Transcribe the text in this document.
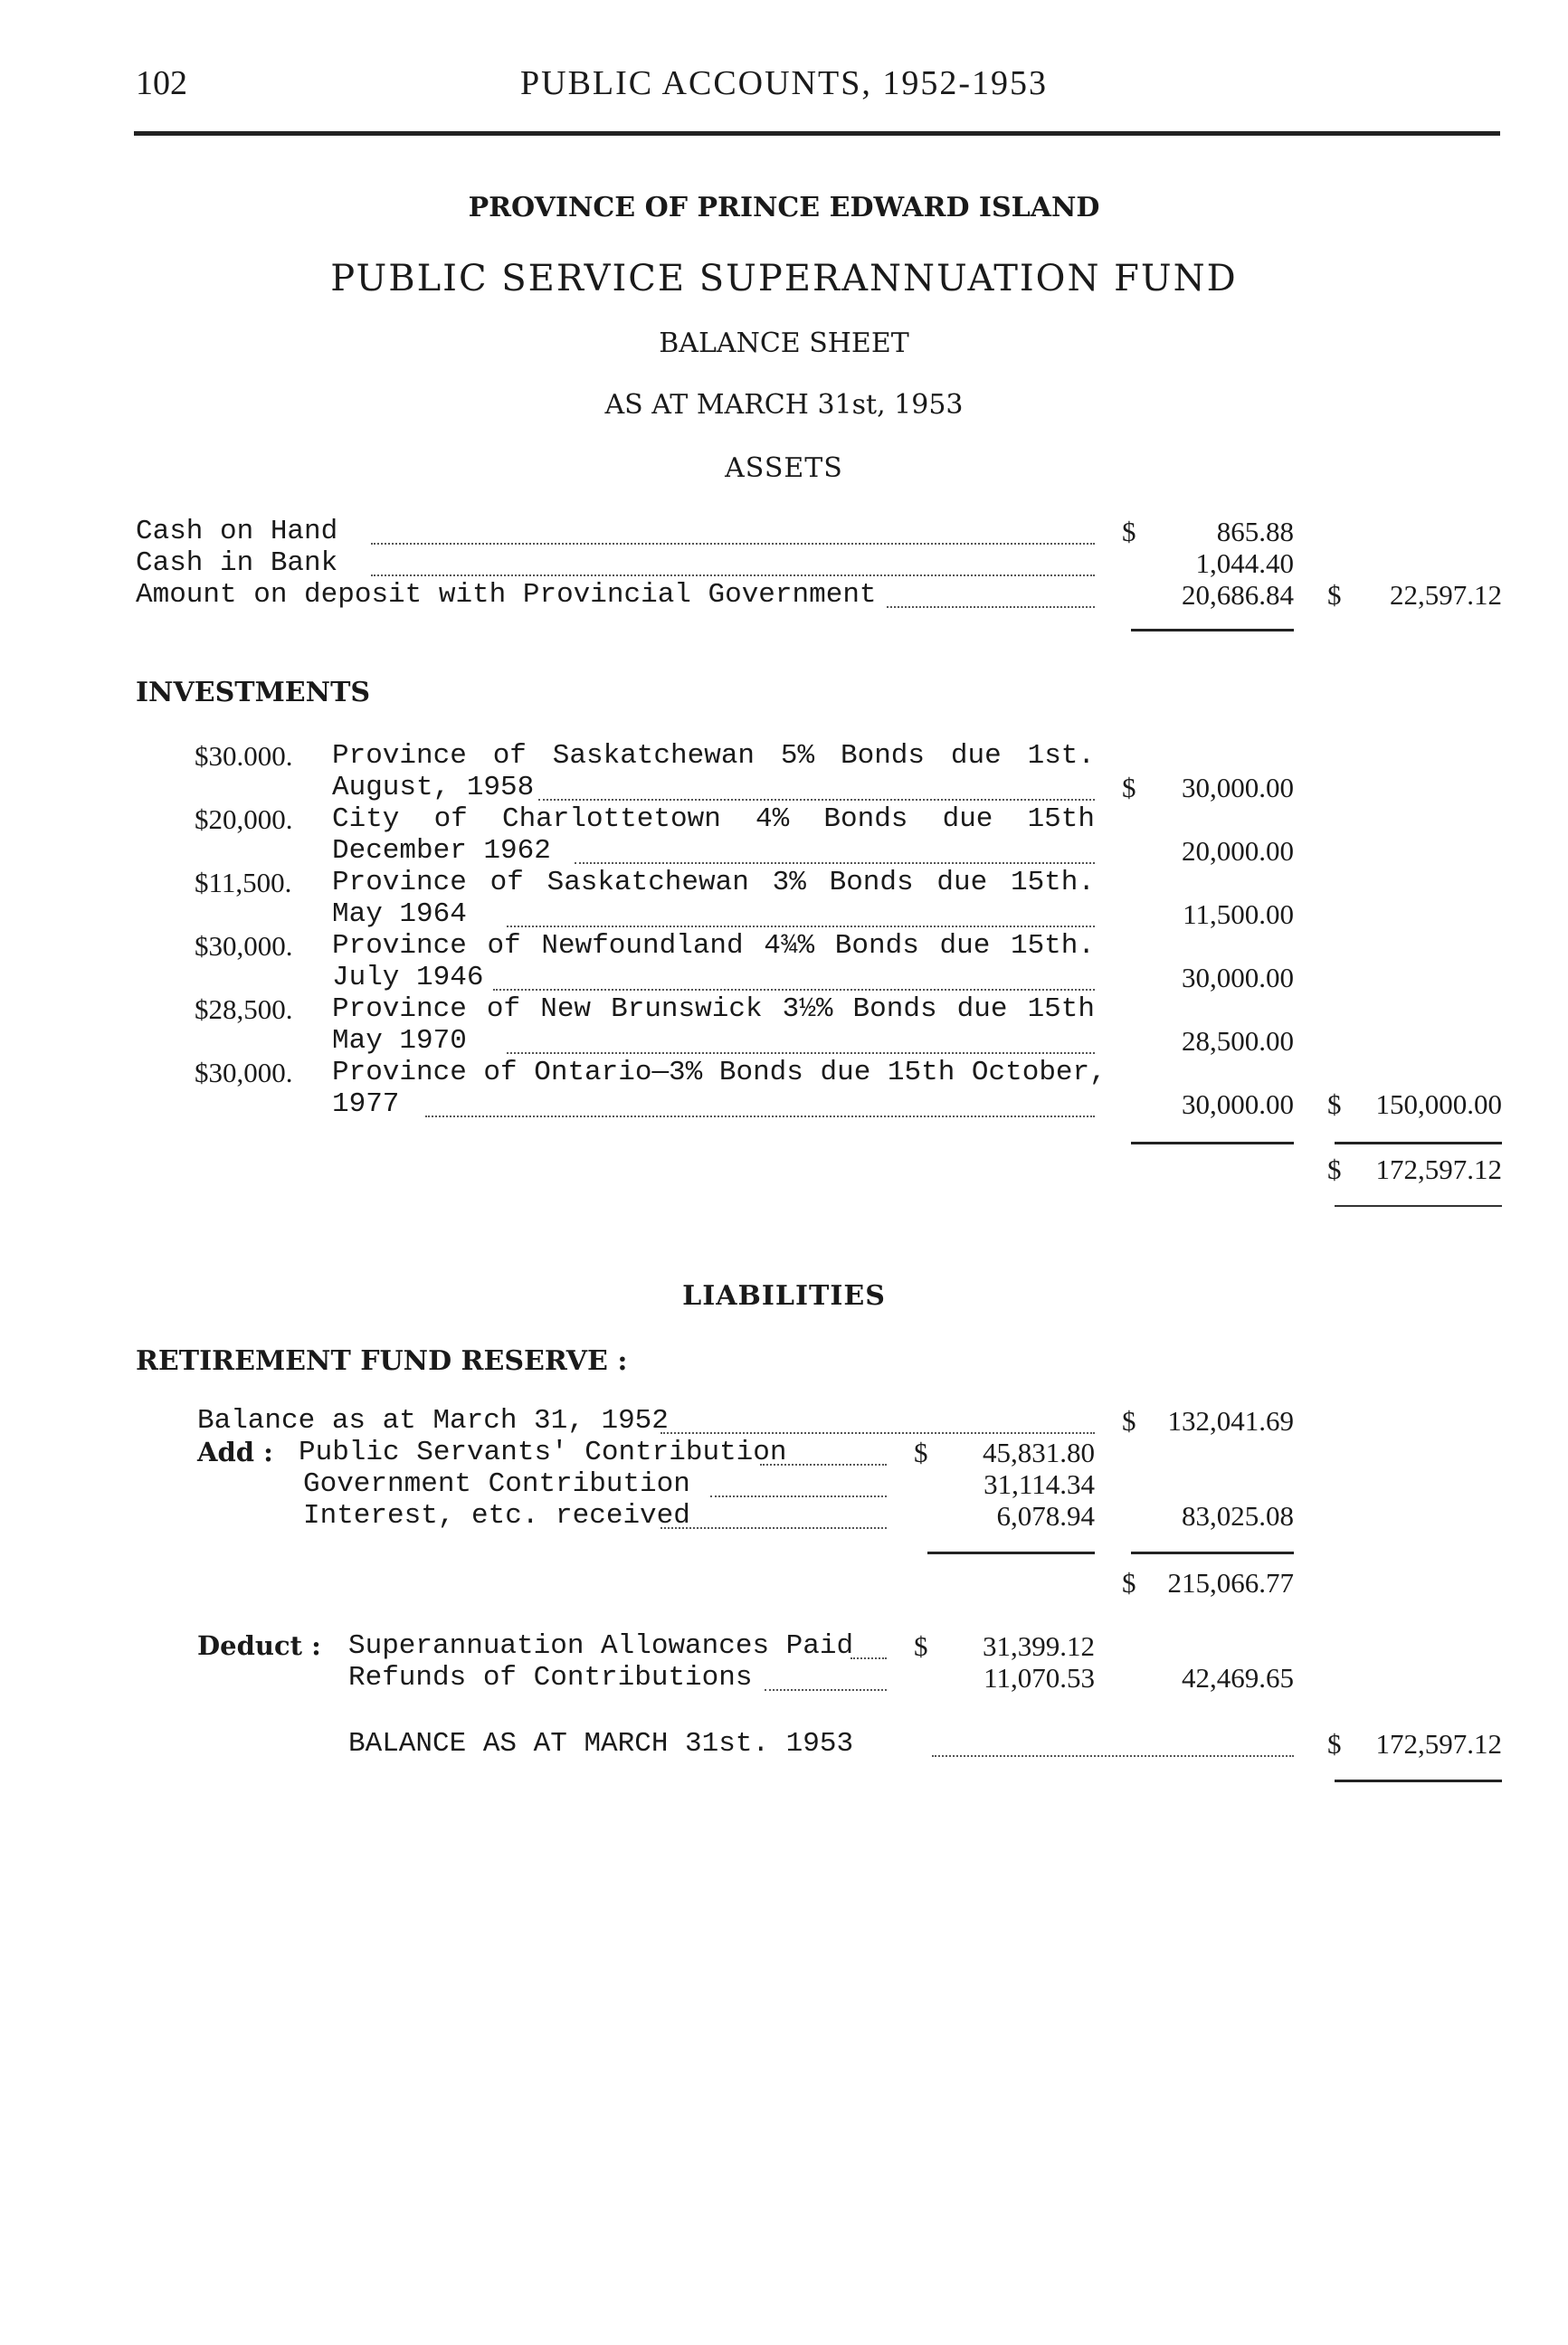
102	PUBLIC ACCOUNTS, 1952-1953
PROVINCE OF PRINCE EDWARD ISLAND
PUBLIC SERVICE SUPERANNUATION FUND
BALANCE SHEET
AS AT MARCH 31st, 1953
ASSETS
Cash on Hand	$	865.88
Cash in Bank	1,044.40
Amount on deposit with Provincial Government	20,686.84 $	22,597.12
INVESTMENTS
$30.000. Province of Saskatchewan 5% Bonds due 1st.
August, 1958	$	30,000.00
$20,000. City of Charlottetown 4% Bonds due 15th
December 1962	20,000.00
$11,500. Province of Saskatchewan 3% Bonds due 15th.
May 1964	11,500.00
$30,000. Province of Newfoundland 4¾% Bonds due 15th.
July 1946	30,000.00
$28,500. Province of New Brunswick 3½% Bonds due 15th
May 1970	28,500.00
$30,000. Province of Ontario—3% Bonds due 15th October,
1977	30,000.00 $	150,000.00
$	172,597.12
LIABILITIES
RETIREMENT FUND RESERVE :
Balance as at March 31, 1952	$	132,041.69
Add : Public Servants' Contribution	$	45,831.80
Government Contribution	31,114.34
Interest, etc. received	6,078.94	83,025.08
$	215,066.77
Deduct : Superannuation Allowances Paid $	31,399.12
Refunds of Contributions	11,070.53	42,469.65
BALANCE AS AT MARCH 31st. 1953	$	172,597.12
